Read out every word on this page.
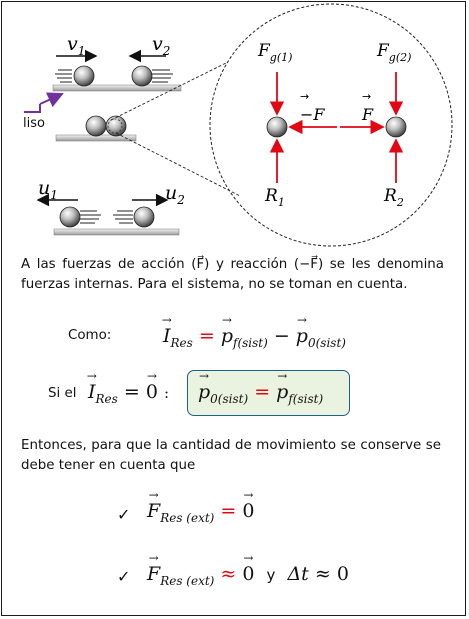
$v_1$	$v_2$
liso
$u_1$	$u_2$
$F_{g(1)}$	$F_{g(2)}$
−F
→
F
→
$R_1$	$R_2$
A las fuerzas de acción (F⃗) y reacción (−F⃗) se les denomina fuerzas internas. Para el sistema, no se toman en cuenta.
Como:	→ $I_{Res}$ = → $p_{f(sist)}$ − → $p_{0(sist)}$
Si el → $I_{Res}$ = → 0 : → $p_{0(sist)}$ = → $p_{f(sist)}$
Entonces, para que la cantidad de movimiento se conserve se debe tener en cuenta que
✓ → $F_{Res (ext)}$ = → 0
✓ → $F_{Res (ext)}$ ≈ → 0 y Δt ≈ 0
